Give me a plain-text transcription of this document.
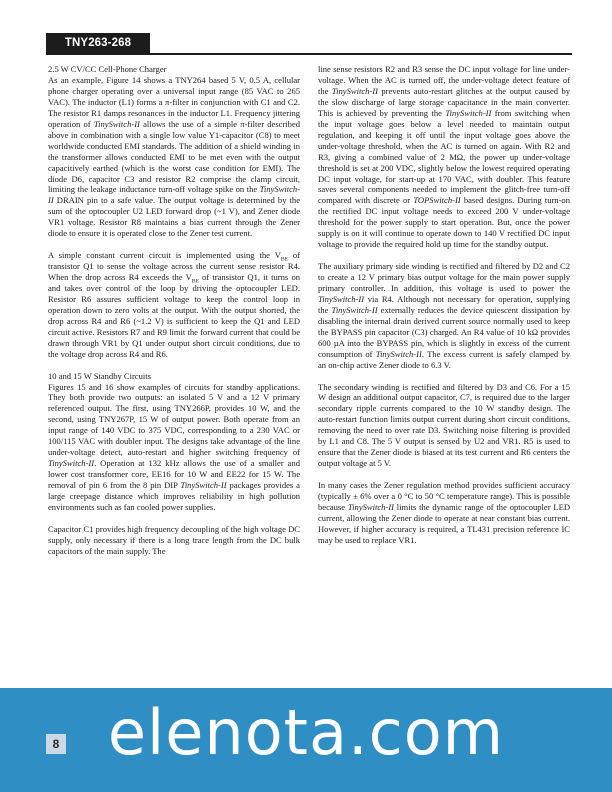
TNY263-268
2.5 W CV/CC Cell-Phone Charger

As an example, Figure 14 shows a TNY264 based 5 V, 0.5 A, cellular phone charger operating over a universal input range (85 VAC to 265 VAC). The inductor (L1) forms a π-filter in conjunction with C1 and C2. The resistor R1 damps resonances in the inductor L1. Frequency jittering operation of TinySwitch-II allows the use of a simple π-filter described above in combination with a single low value Y1-capacitor (C8) to meet worldwide conducted EMI standards. The addition of a shield winding in the transformer allows conducted EMI to be met even with the output capacitively earthed (which is the worst case condition for EMI). The diode D6, capacitor C3 and resistor R2 comprise the clamp circuit, limiting the leakage inductance turn-off voltage spike on the TinySwitch-II DRAIN pin to a safe value. The output voltage is determined by the sum of the optocoupler U2 LED forward drop (~1 V), and Zener diode VR1 voltage. Resistor R8 maintains a bias current through the Zener diode to ensure it is operated close to the Zener test current.

A simple constant current circuit is implemented using the $V_{BE}$ of transistor Q1 to sense the voltage across the current sense resistor R4. When the drop across R4 exceeds the $V_{BE}$ of transistor Q1, it turns on and takes over control of the loop by driving the optocoupler LED. Resistor R6 assures sufficient voltage to keep the control loop in operation down to zero volts at the output. With the output shorted, the drop across R4 and R6 (~1.2 V) is sufficient to keep the Q1 and LED circuit active. Resistors R7 and R9 limit the forward current that could be drawn through VR1 by Q1 under output short circuit conditions, due to the voltage drop across R4 and R6.

10 and 15 W Standby Circuits

Figures 15 and 16 show examples of circuits for standby applications. They both provide two outputs: an isolated 5 V and a 12 V primary referenced output. The first, using TNY266P, provides 10 W, and the second, using TNY267P, 15 W of output power. Both operate from an input range of 140 VDC to 375 VDC, corresponding to a 230 VAC or 100/115 VAC with doubler input. The designs take advantage of the line under-voltage detect, auto-restart and higher switching frequency of TinySwitch-II. Operation at 132 kHz allows the use of a smaller and lower cost transformer core, EE16 for 10 W and EE22 for 15 W. The removal of pin 6 from the 8 pin DIP TinySwitch-II packages provides a large creepage distance which improves reliability in high pollution environments such as fan cooled power supplies.

Capacitor C1 provides high frequency decoupling of the high voltage DC supply, only necessary if there is a long trace length from the DC bulk capacitors of the main supply. The

line sense resistors R2 and R3 sense the DC input voltage for line under-voltage. When the AC is turned off, the under-voltage detect feature of the TinySwitch-II prevents auto-restart glitches at the output caused by the slow discharge of large storage capacitance in the main converter. This is achieved by preventing the TinySwitch-II from switching when the input voltage goes below a level needed to maintain output regulation, and keeping it off until the input voltage goes above the under-voltage threshold, when the AC is turned on again. With R2 and R3, giving a combined value of 2 MΩ, the power up under-voltage threshold is set at 200 VDC, slightly below the lowest required operating DC input voltage, for start-up at 170 VAC, with doubler. This feature saves several components needed to implement the glitch-free turn-off compared with discrete or TOPSwitch-II based designs. During turn-on the rectified DC input voltage needs to exceed 200 V under-voltage threshold for the power supply to start operation. But, once the power supply is on it will continue to operate down to 140 V rectified DC input voltage to provide the required hold up time for the standby output.

The auxiliary primary side winding is rectified and filtered by D2 and C2 to create a 12 V primary bias output voltage for the main power supply primary controller. In addition, this voltage is used to power the TinySwitch-II via R4. Although not necessary for operation, supplying the TinySwitch-II externally reduces the device quiescent dissipation by disabling the internal drain derived current source normally used to keep the BYPASS pin capacitor (C3) charged. An R4 value of 10 kΩ provides 600 µA into the BYPASS pin, which is slightly in excess of the current consumption of TinySwitch-II. The excess current is safely clamped by an on-chip active Zener diode to 6.3 V.

The secondary winding is rectified and filtered by D3 and C6. For a 15 W design an additional output capacitor, C7, is required due to the larger secondary ripple currents compared to the 10 W standby design. The auto-restart function limits output current during short circuit conditions, removing the need to over rate D3. Switching noise filtering is provided by L1 and C8. The 5 V output is sensed by U2 and VR1. R5 is used to ensure that the Zener diode is biased at its test current and R6 centers the output voltage at 5 V.

In many cases the Zener regulation method provides sufficient accuracy (typically ± 6% over a 0 °C to 50 °C temperature range). This is possible because TinySwitch-II limits the dynamic range of the optocoupler LED current, allowing the Zener diode to operate at near constant bias current. However, if higher accuracy is required, a TL431 precision reference IC may be used to replace VR1.

elenota.com
8
